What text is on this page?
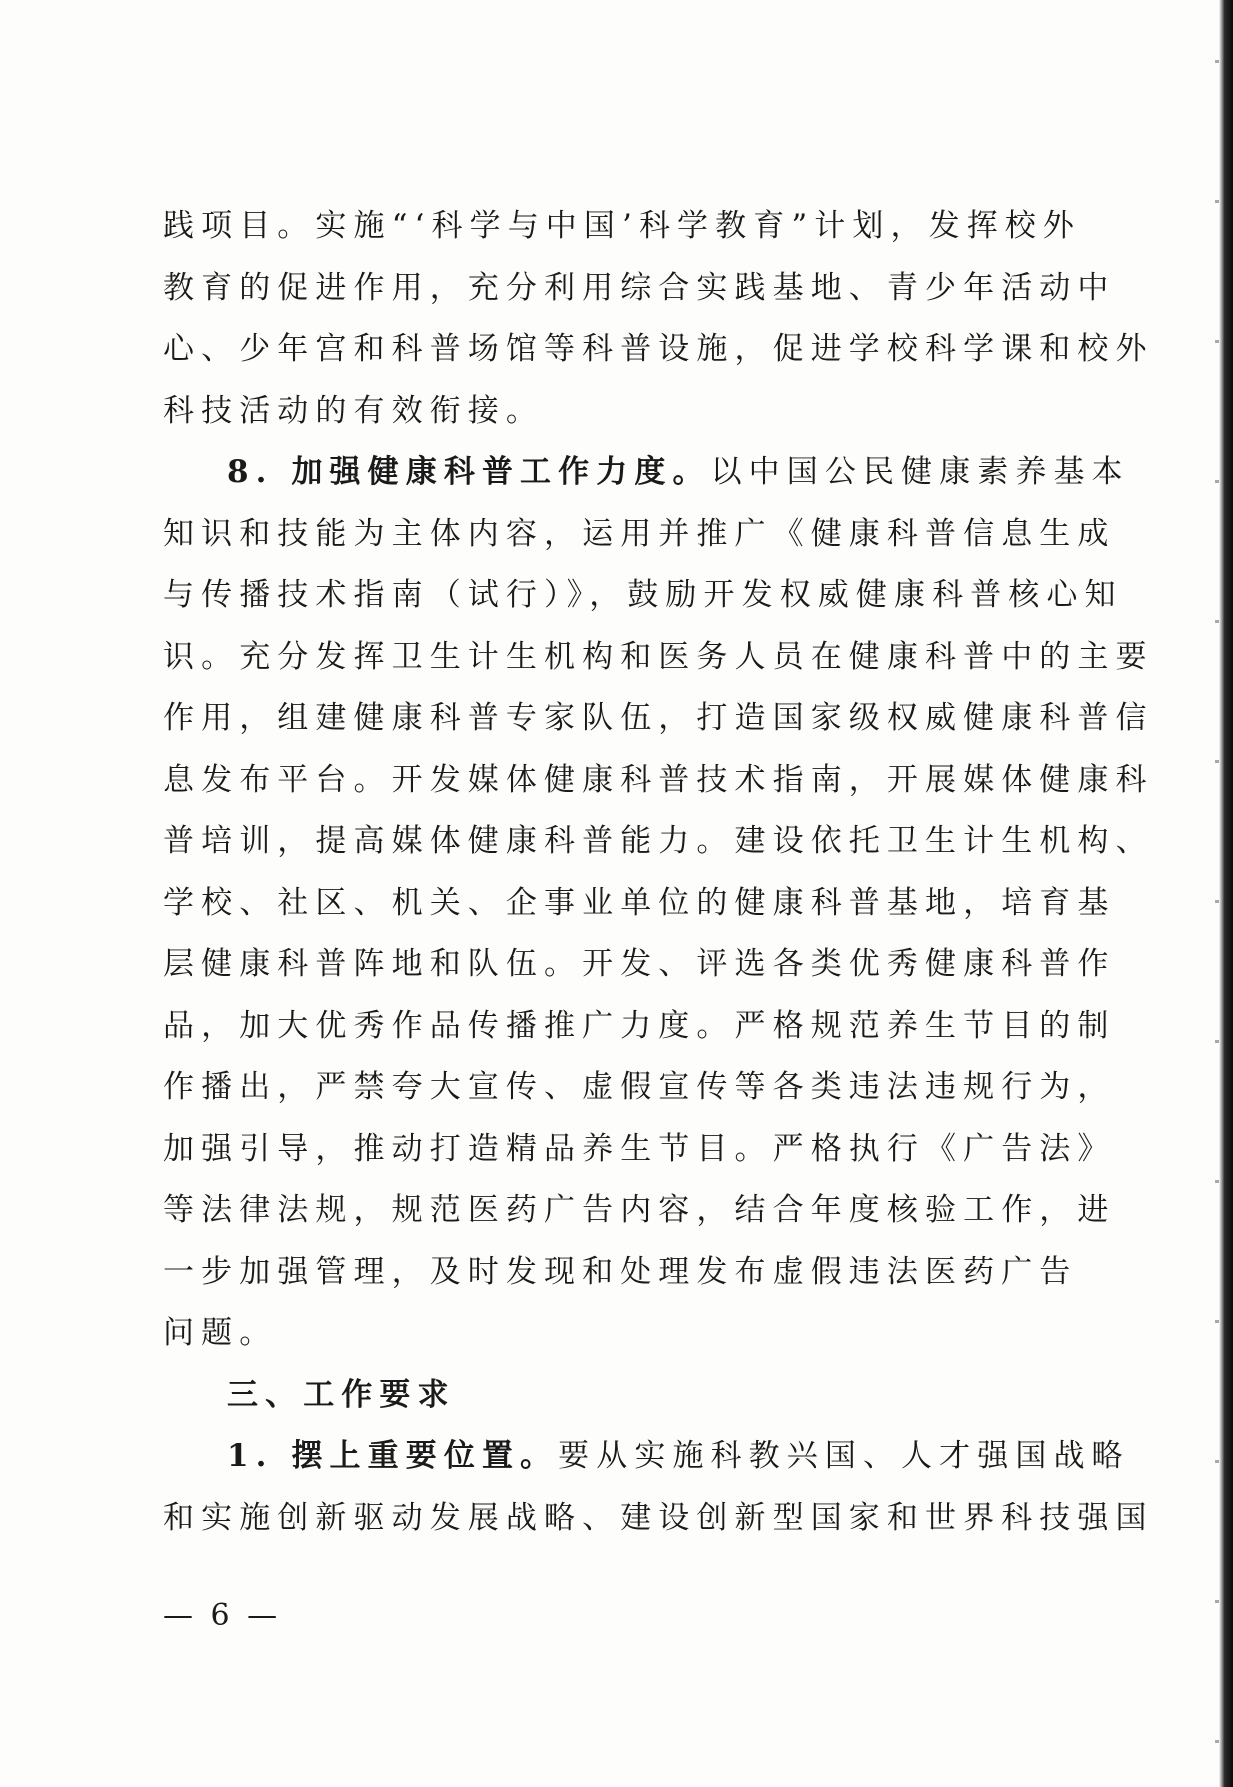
践项目。实施“‘科学与中国’科学教育”计划，发挥校外
教育的促进作用，充分利用综合实践基地、青少年活动中
心、少年宫和科普场馆等科普设施，促进学校科学课和校外
科技活动的有效衔接。
8. 加强健康科普工作力度。以中国公民健康素养基本
知识和技能为主体内容，运用并推广《健康科普信息生成
与传播技术指南（试行）》，鼓励开发权威健康科普核心知
识。充分发挥卫生计生机构和医务人员在健康科普中的主要
作用，组建健康科普专家队伍，打造国家级权威健康科普信
息发布平台。开发媒体健康科普技术指南，开展媒体健康科
普培训，提高媒体健康科普能力。建设依托卫生计生机构、
学校、社区、机关、企事业单位的健康科普基地，培育基
层健康科普阵地和队伍。开发、评选各类优秀健康科普作
品，加大优秀作品传播推广力度。严格规范养生节目的制
作播出，严禁夸大宣传、虚假宣传等各类违法违规行为，
加强引导，推动打造精品养生节目。严格执行《广告法》
等法律法规，规范医药广告内容，结合年度核验工作，进
一步加强管理，及时发现和处理发布虚假违法医药广告
问题。
三、工作要求
1. 摆上重要位置。要从实施科教兴国、人才强国战略
和实施创新驱动发展战略、建设创新型国家和世界科技强国
— 6 —
